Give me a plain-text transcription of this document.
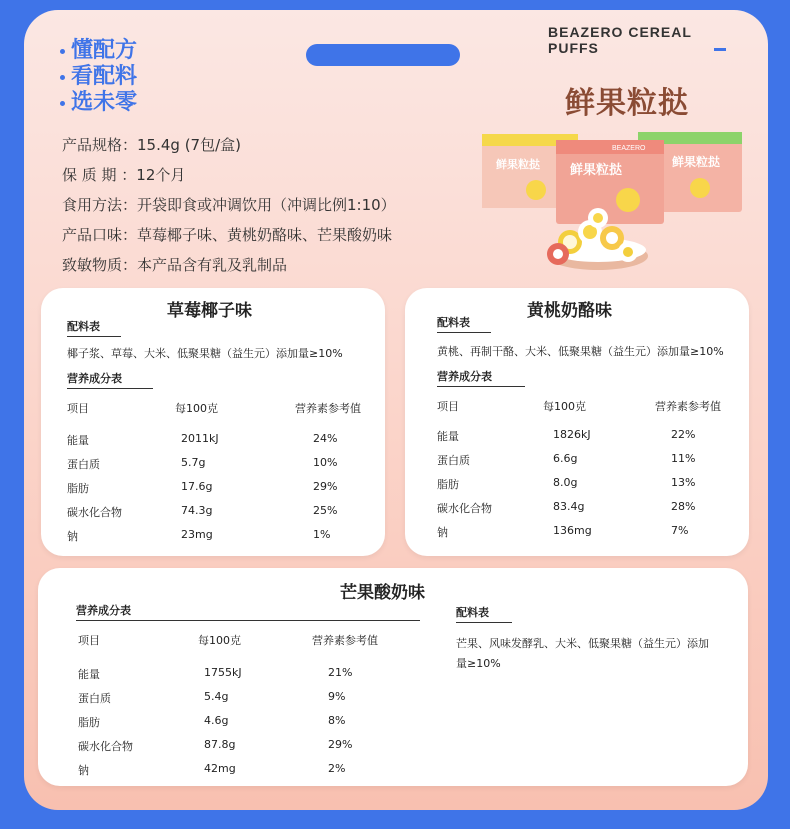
BEAZERO CEREAL PUFFS
懂配方
看配料
选未零	鲜果粒挞
产品规格：15.4g (7包/盒)
保 质 期 ：12个月
食用方法：开袋即食或冲调饮用（冲调比例1:10）
产品口味：草莓椰子味、黄桃奶酪味、芒果酸奶味
致敏物质：本产品含有乳及乳制品
鲜果粒挞
BEAZERO
鲜果粒挞
鲜果粒挞
草莓椰子味
配料表
椰子浆、草莓、大米、低聚果糖（益生元）添加量≥10%
营养成分表
项目	每100克	营养素参考值
能量	2011kJ	24%
蛋白质	5.7g	10%
脂肪	17.6g	29%
碳水化合物	74.3g	25%
钠	23mg	1%
黄桃奶酪味
配料表
黄桃、再制干酪、大米、低聚果糖（益生元）添加量≥10%
营养成分表
项目	每100克	营养素参考值
能量	1826kJ	22%
蛋白质	6.6g	11%
脂肪	8.0g	13%
碳水化合物	83.4g	28%
钠	136mg	7%
芒果酸奶味
营养成分表
项目	每100克	营养素参考值
能量	1755kJ	21%
蛋白质	5.4g	9%
脂肪	4.6g	8%
碳水化合物	87.8g	29%
钠	42mg	2%
配料表
芒果、风味发酵乳、大米、低聚果糖（益生元）添加
量≥10%
